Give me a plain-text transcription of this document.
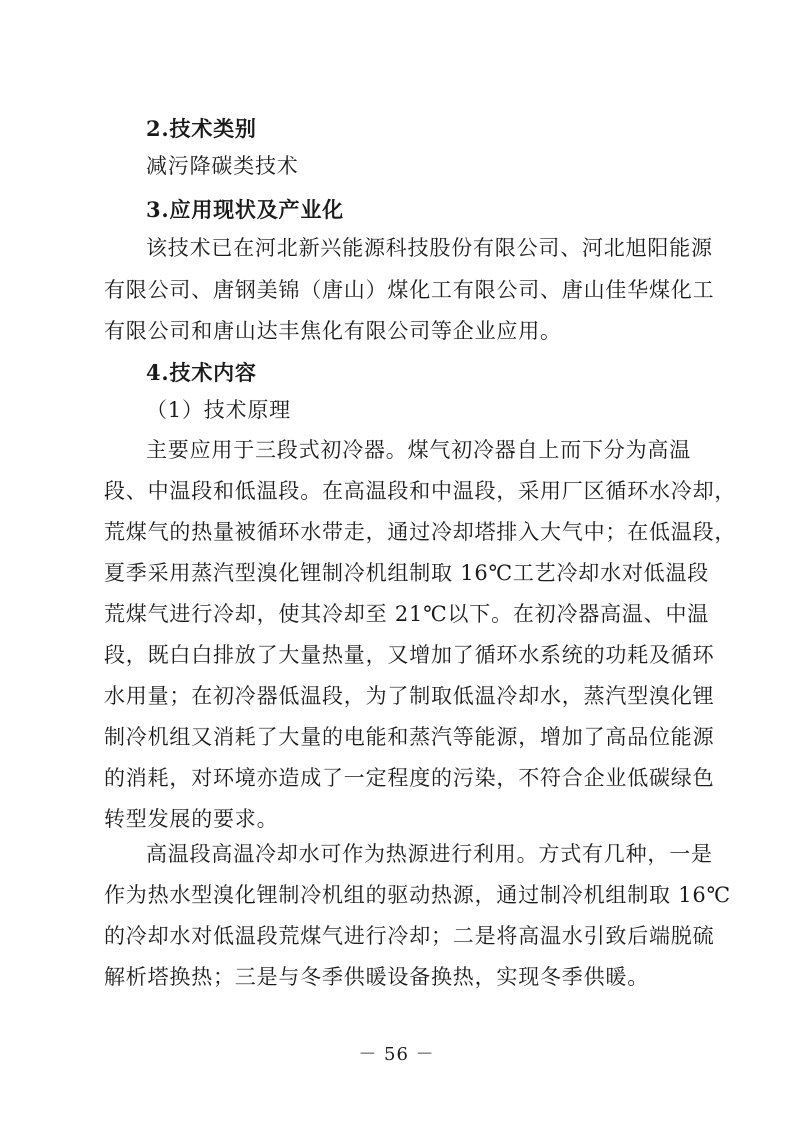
2.技术类别
减污降碳类技术
3.应用现状及产业化
该技术已在河北新兴能源科技股份有限公司、河北旭阳能源
有限公司、唐钢美锦（唐山）煤化工有限公司、唐山佳华煤化工
有限公司和唐山达丰焦化有限公司等企业应用。
4.技术内容
（1）技术原理
主要应用于三段式初冷器。煤气初冷器自上而下分为高温
段、中温段和低温段。在高温段和中温段，采用厂区循环水冷却，
荒煤气的热量被循环水带走，通过冷却塔排入大气中；在低温段，
夏季采用蒸汽型溴化锂制冷机组制取 16℃工艺冷却水对低温段
荒煤气进行冷却，使其冷却至 21℃以下。在初冷器高温、中温
段，既白白排放了大量热量，又增加了循环水系统的功耗及循环
水用量；在初冷器低温段，为了制取低温冷却水，蒸汽型溴化锂
制冷机组又消耗了大量的电能和蒸汽等能源，增加了高品位能源
的消耗，对环境亦造成了一定程度的污染，不符合企业低碳绿色
转型发展的要求。
高温段高温冷却水可作为热源进行利用。方式有几种，一是
作为热水型溴化锂制冷机组的驱动热源，通过制冷机组制取 16℃
的冷却水对低温段荒煤气进行冷却；二是将高温水引致后端脱硫
解析塔换热；三是与冬季供暖设备换热，实现冬季供暖。
－ 56 －
